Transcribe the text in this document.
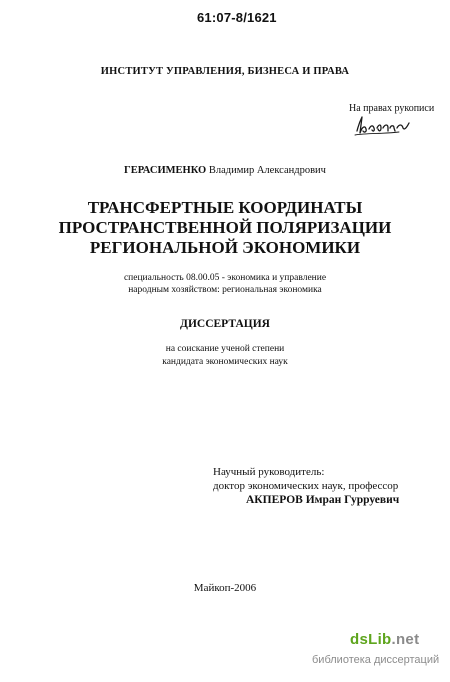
61:07-8/1621
ИНСТИТУТ УПРАВЛЕНИЯ, БИЗНЕСА И ПРАВА
На правах рукописи
ГЕРАСИМЕНКО Владимир Александрович
ТРАНСФЕРТНЫЕ КООРДИНАТЫ
ПРОСТРАНСТВЕННОЙ ПОЛЯРИЗАЦИИ
РЕГИОНАЛЬНОЙ ЭКОНОМИКИ
специальность 08.00.05 - экономика и управление
народным хозяйством: региональная экономика
ДИССЕРТАЦИЯ
на соискание ученой степени
кандидата экономических наук
Научный руководитель:
доктор экономических наук, профессор
АКПЕРОВ Имран Гурруевич
Майкоп-2006
dsLib.net
библиотека диссертаций
